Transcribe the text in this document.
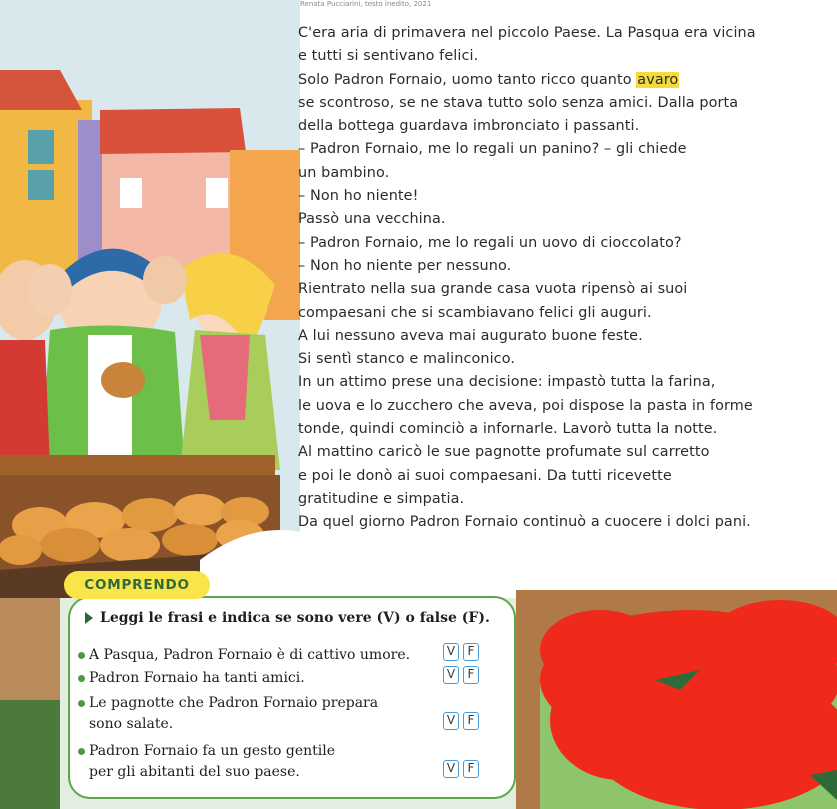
Renata Pucciarini, testo inedito, 2021
C'era aria di primavera nel piccolo Paese. La Pasqua era vicina
e tutti si sentivano felici.
Solo Padron Fornaio, uomo tanto ricco quanto avaro
se scontroso, se ne stava tutto solo senza amici. Dalla porta
della bottega guardava imbronciato i passanti.
– Padron Fornaio, me lo regali un panino? – gli chiede
un bambino.
– Non ho niente!
Passò una vecchina.
– Padron Fornaio, me lo regali un uovo di cioccolato?
– Non ho niente per nessuno.
Rientrato nella sua grande casa vuota ripensò ai suoi
compaesani che si scambiavano felici gli auguri.
A lui nessuno aveva mai augurato buone feste.
Si sentì stanco e malinconico.
In un attimo prese una decisione: impastò tutta la farina,
le uova e lo zucchero che aveva, poi dispose la pasta in forme
tonde, quindi cominciò a infornarle. Lavorò tutta la notte.
Al mattino caricò le sue pagnotte profumate sul carretto
e poi le donò ai suoi compaesani. Da tutti ricevette
gratitudine e simpatia.
Da quel giorno Padron Fornaio continuò a cuocere i dolci pani.
COMPRENDO
Leggi le frasi e indica se sono vere (V) o false (F).
A Pasqua, Padron Fornaio è di cattivo umore.	V	F
Padron Fornaio ha tanti amici.	V	F
Le pagnotte che Padron Fornaio prepara
sono salate.	V	F
Padron Fornaio fa un gesto gentile
per gli abitanti del suo paese.	V	F
